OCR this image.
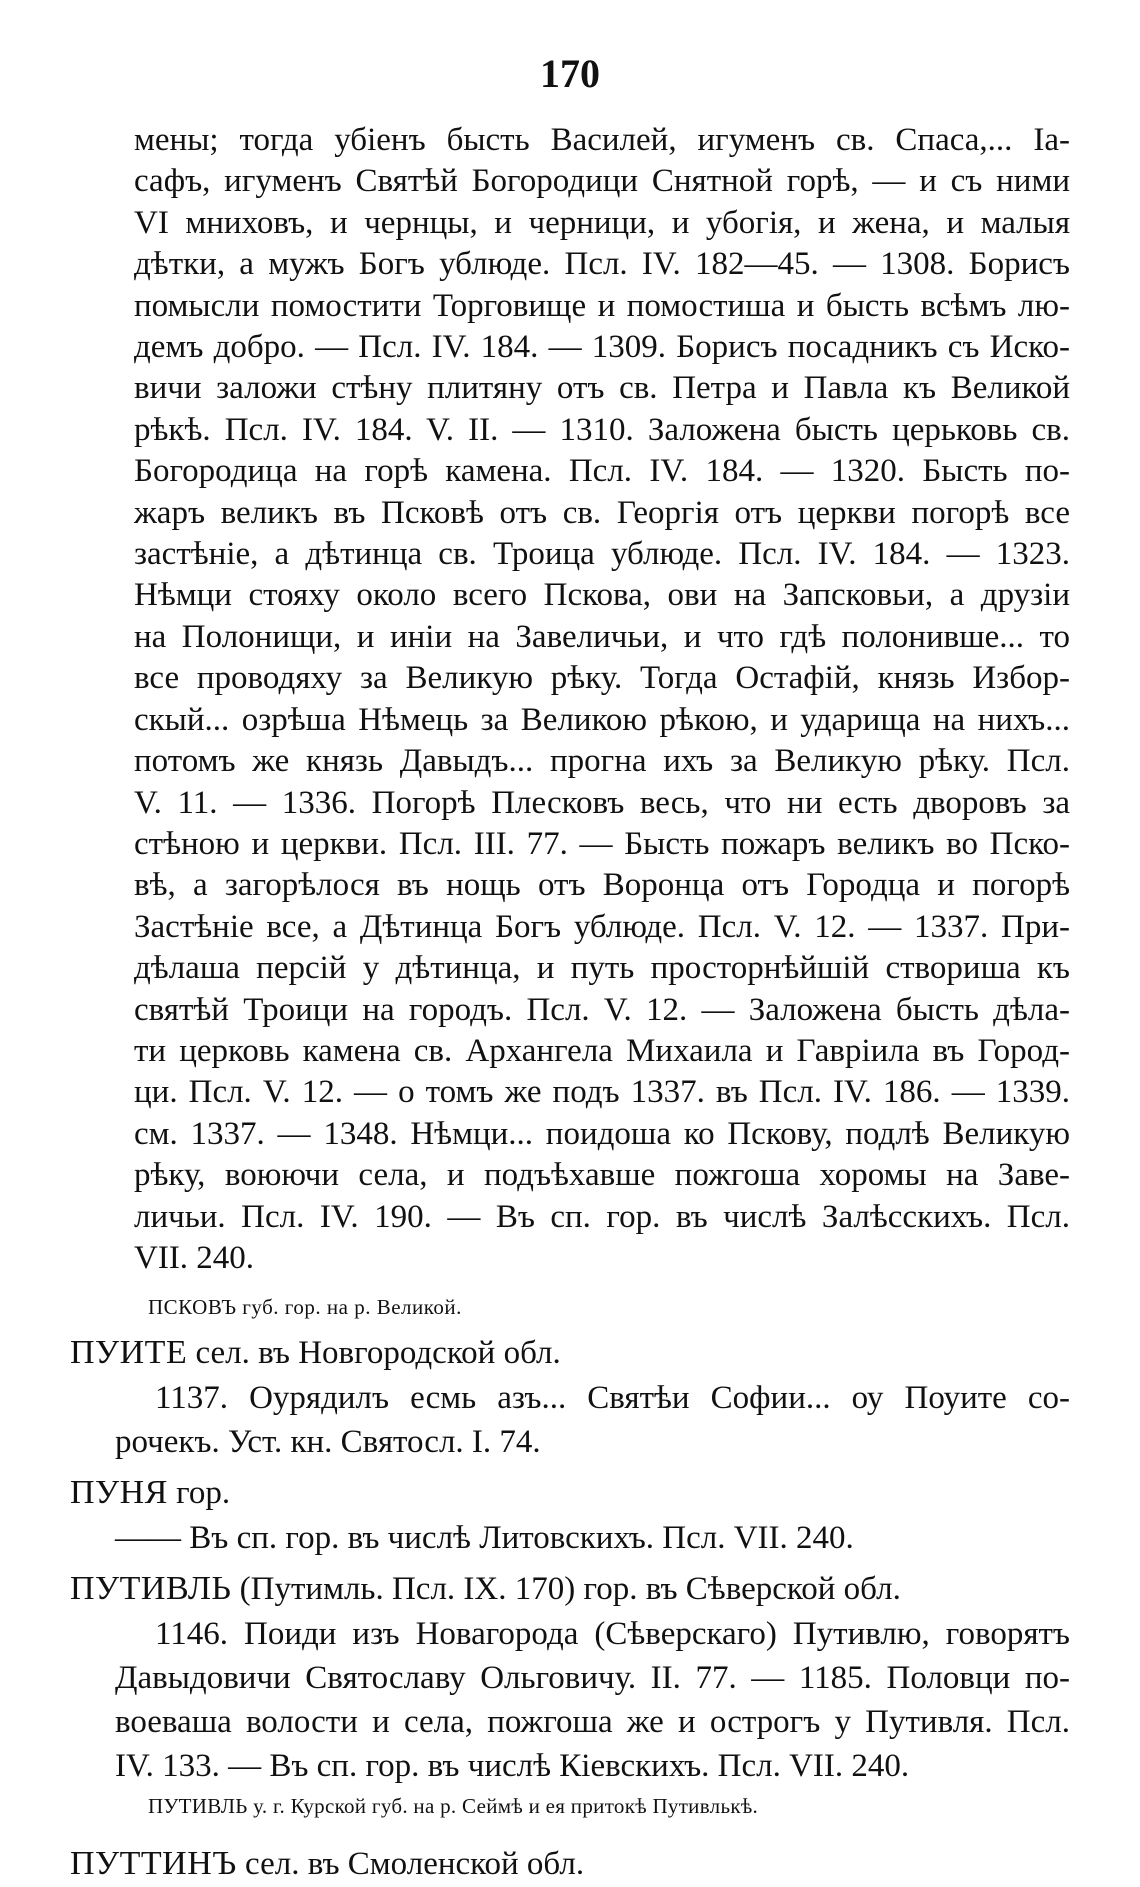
170
мены; тогда убіенъ бысть Василей, игуменъ св. Спаса,... Іа-
сафъ, игуменъ Святѣй Богородици Снятной горѣ, — и съ ними
VI мниховъ, и чернцы, и черници, и убогія, и жена, и малыя
дѣтки, а мужъ Богъ ублюде. Псл. IV. 182—45. — 1308. Борисъ
помысли помостити Торговище и помостиша и бысть всѣмъ лю-
демъ добро. — Псл. IV. 184. — 1309. Борисъ посадникъ съ Иско-
вичи заложи стѣну плитяну отъ св. Петра и Павла къ Великой
рѣкѣ. Псл. IV. 184. V. II. — 1310. Заложена бысть церьковь св.
Богородица на горѣ камена. Псл. IV. 184. — 1320. Бысть по-
жаръ великъ въ Псковѣ отъ св. Георгія отъ церкви погорѣ все
застѣніе, а дѣтинца св. Троица ублюде. Псл. IV. 184. — 1323.
Нѣмци стояху около всего Пскова, ови на Запсковьи, а друзіи
на Полонищи, и иніи на Завеличьи, и что гдѣ полонивше... то
все проводяху за Великую рѣку. Тогда Остафій, князь Избор-
скый... озрѣша Нѣмець за Великою рѣкою, и ударища на нихъ...
потомъ же князь Давыдъ... прогна ихъ за Великую рѣку. Псл.
V. 11. — 1336. Погорѣ Плесковъ весь, что ни есть дворовъ за
стѣною и церкви. Псл. III. 77. — Бысть пожаръ великъ во Пско-
вѣ, а загорѣлося въ нощь отъ Воронца отъ Городца и погорѣ
Застѣніе все, а Дѣтинца Богъ ублюде. Псл. V. 12. — 1337. При-
дѣлаша персій у дѣтинца, и путь просторнѣйшій створиша къ
святѣй Троици на городъ. Псл. V. 12. — Заложена бысть дѣла-
ти церковь камена св. Архангела Михаила и Гавріила въ Город-
ци. Псл. V. 12. — о томъ же подъ 1337. въ Псл. IV. 186. — 1339.
см. 1337. — 1348. Нѣмци... поидоша ко Пскову, подлѣ Великую
рѣку, воюючи села, и подъѣхавше пожгоша хоромы на Заве-
личьи. Псл. IV. 190. — Въ сп. гор. въ числѣ Залѣсскихъ. Псл.
VII. 240.
ПСКОВЪ губ. гор. на р. Великой.
ПУИТЕ сел. въ Новгородской обл.
1137. Оурядилъ есмь азъ... Святѣи Софии... оу Поуите со-
рочекъ. Уст. кн. Святосл. I. 74.
ПУНЯ гор.
—— Въ сп. гор. въ числѣ Литовскихъ. Псл. VII. 240.
ПУТИВЛЬ (Путимль. Псл. IX. 170) гор. въ Сѣверской обл.
1146. Поиди изъ Новагорода (Сѣверскаго) Путивлю, говорятъ
Давыдовичи Святославу Ольговичу. II. 77. — 1185. Половци по-
воеваша волости и села, пожгоша же и острогъ у Путивля. Псл.
IV. 133. — Въ сп. гор. въ числѣ Кіевскихъ. Псл. VII. 240.
ПУТИВЛЬ у. г. Курской губ. на р. Сеймѣ и ея притокѣ Путивлькѣ.
ПУТТИНЪ сел. въ Смоленской обл.
